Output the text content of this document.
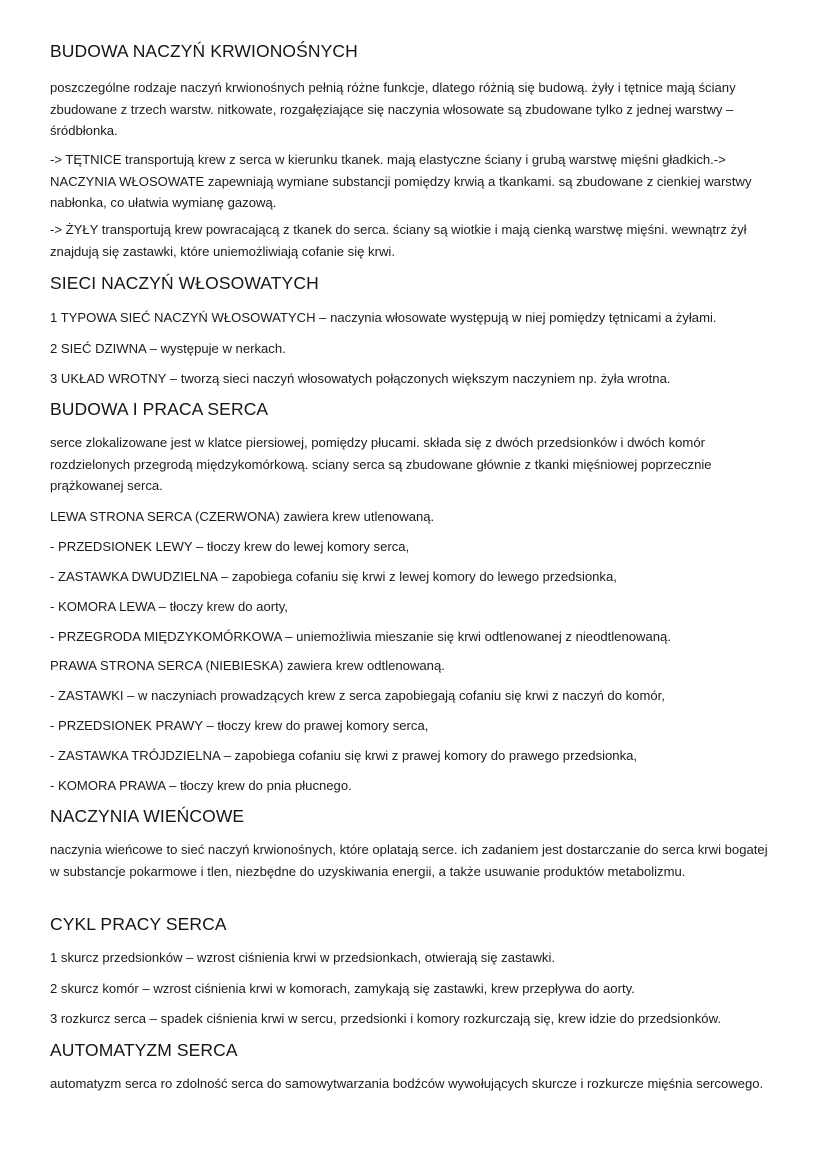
BUDOWA NACZYŃ KRWIONOŚNYCH

poszczególne rodzaje naczyń krwionośnych pełnią różne funkcje, dlatego różnią się budową. żyły i tętnice mają ściany zbudowane z trzech warstw. nitkowate, rozgałęziające się naczynia włosowate są zbudowane tylko z jednej warstwy – śródbłonka.

-> TĘTNICE transportują krew z serca w kierunku tkanek. mają elastyczne ściany i grubą warstwę mięśni gładkich.-> NACZYNIA WŁOSOWATE zapewniają wymiane substancji pomiędzy krwią a tkankami. są zbudowane z cienkiej warstwy nabłonka, co ułatwia wymianę gazową.

-> ŻYŁY transportują krew powracającą z tkanek do serca. ściany są wiotkie i mają cienką warstwę mięśni. wewnątrz żył znajdują się zastawki, które uniemożliwiają cofanie się krwi.

SIECI NACZYŃ WŁOSOWATYCH

1 TYPOWA SIEĆ NACZYŃ WŁOSOWATYCH – naczynia włosowate występują w niej pomiędzy tętnicami a żyłami.

2 SIEĆ DZIWNA – występuje w nerkach.

3 UKŁAD WROTNY – tworzą sieci naczyń włosowatych połączonych większym naczyniem np. żyła wrotna.

BUDOWA I PRACA SERCA

serce zlokalizowane jest w klatce piersiowej, pomiędzy płucami. składa się z dwóch przedsionków i dwóch komór rozdzielonych przegrodą międzykomórkową. sciany serca są zbudowane głównie z tkanki mięśniowej poprzecznie prążkowanej serca.

LEWA STRONA SERCA (CZERWONA) zawiera krew utlenowaną.

- PRZEDSIONEK LEWY – tłoczy krew do lewej komory serca,

- ZASTAWKA DWUDZIELNA – zapobiega cofaniu się krwi z lewej komory do lewego przedsionka,

- KOMORA LEWA – tłoczy krew do aorty,

- PRZEGRODA MIĘDZYKOMÓRKOWA – uniemożliwia mieszanie się krwi odtlenowanej z nieodtlenowaną.

PRAWA STRONA SERCA (NIEBIESKA) zawiera krew odtlenowaną.

- ZASTAWKI – w naczyniach prowadzących krew z serca zapobiegają cofaniu się krwi z naczyń do komór,

- PRZEDSIONEK PRAWY – tłoczy krew do prawej komory serca,

- ZASTAWKA TRÓJDZIELNA – zapobiega cofaniu się krwi z prawej komory do prawego przedsionka,

- KOMORA PRAWA – tłoczy krew do pnia płucnego.

NACZYNIA WIEŃCOWE

naczynia wieńcowe to sieć naczyń krwionośnych, które oplatają serce. ich zadaniem jest dostarczanie do serca krwi bogatej w substancje pokarmowe i tlen, niezbędne do uzyskiwania energii, a także usuwanie produktów metabolizmu.

CYKL PRACY SERCA

1 skurcz przedsionków – wzrost ciśnienia krwi w przedsionkach, otwierają się zastawki.

2 skurcz komór – wzrost ciśnienia krwi w komorach, zamykają się zastawki, krew przepływa do aorty.

3 rozkurcz serca – spadek ciśnienia krwi w sercu, przedsionki i komory rozkurczają się, krew idzie do przedsionków.

AUTOMATYZM SERCA

automatyzm serca ro zdolność serca do samowytwarzania bodźców wywołujących skurcze i rozkurcze mięśnia sercowego.
